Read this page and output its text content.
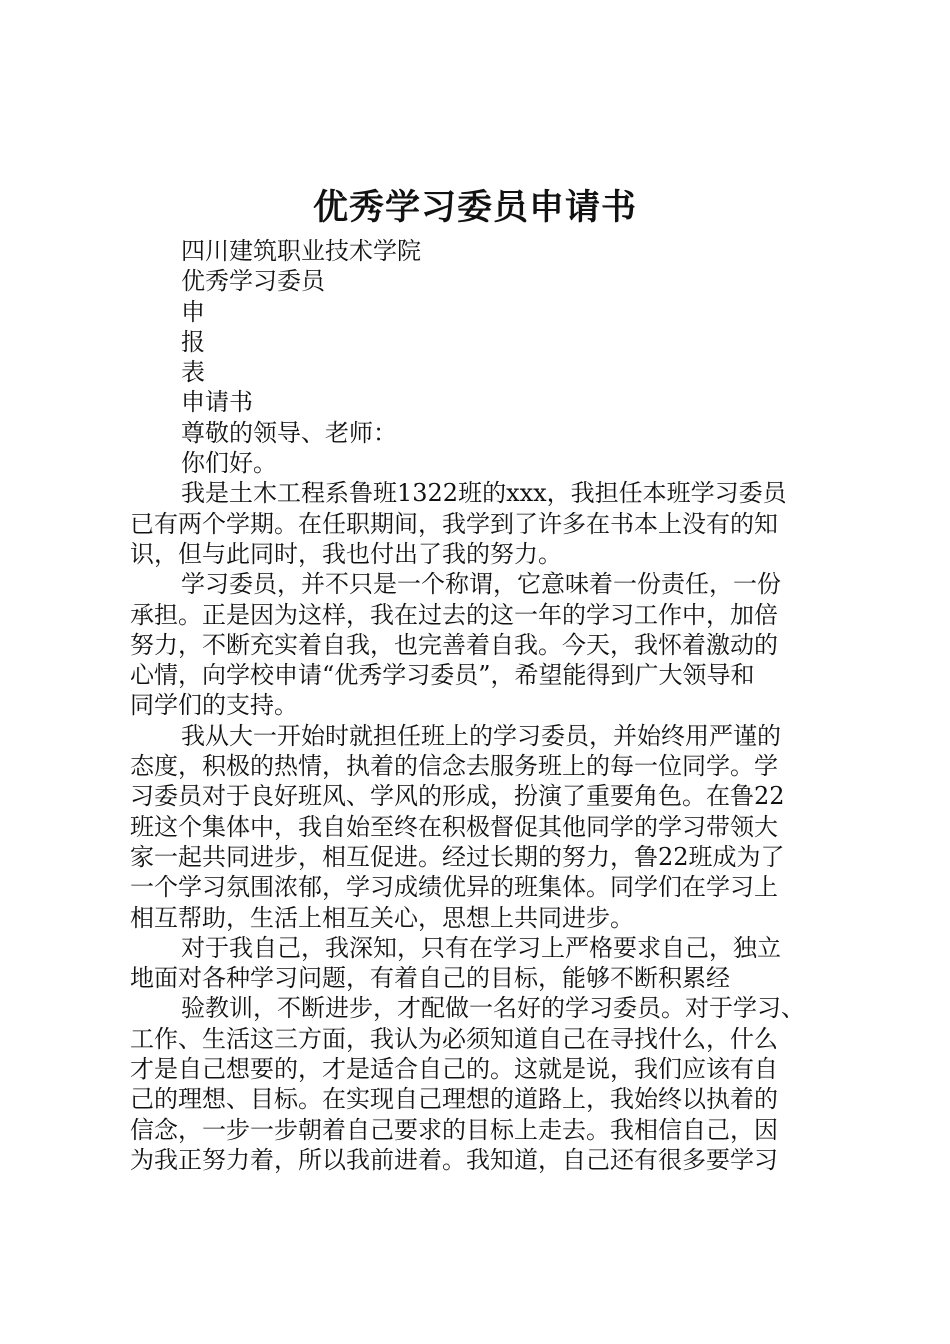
优秀学习委员申请书
四川建筑职业技术学院
优秀学习委员
申
报
表
申请书
尊敬的领导、老师：
你们好。
我是土木工程系鲁班1322班的xxx，我担任本班学习委员
已有两个学期。在任职期间，我学到了许多在书本上没有的知
识，但与此同时，我也付出了我的努力。
学习委员，并不只是一个称谓，它意味着一份责任，一份
承担。正是因为这样，我在过去的这一年的学习工作中，加倍
努力，不断充实着自我，也完善着自我。今天，我怀着激动的
心情，向学校申请“优秀学习委员”，希望能得到广大领导和
同学们的支持。
我从大一开始时就担任班上的学习委员，并始终用严谨的
态度，积极的热情，执着的信念去服务班上的每一位同学。学
习委员对于良好班风、学风的形成，扮演了重要角色。在鲁22
班这个集体中，我自始至终在积极督促其他同学的学习带领大
家一起共同进步，相互促进。经过长期的努力，鲁22班成为了
一个学习氛围浓郁，学习成绩优异的班集体。同学们在学习上
相互帮助，生活上相互关心，思想上共同进步。
对于我自己，我深知，只有在学习上严格要求自己，独立
地面对各种学习问题，有着自己的目标，能够不断积累经
验教训，不断进步，才配做一名好的学习委员。对于学习、
工作、生活这三方面，我认为必须知道自己在寻找什么，什么
才是自己想要的，才是适合自己的。这就是说，我们应该有自
己的理想、目标。在实现自己理想的道路上，我始终以执着的
信念，一步一步朝着自己要求的目标上走去。我相信自己，因
为我正努力着，所以我前进着。我知道，自己还有很多要学习
